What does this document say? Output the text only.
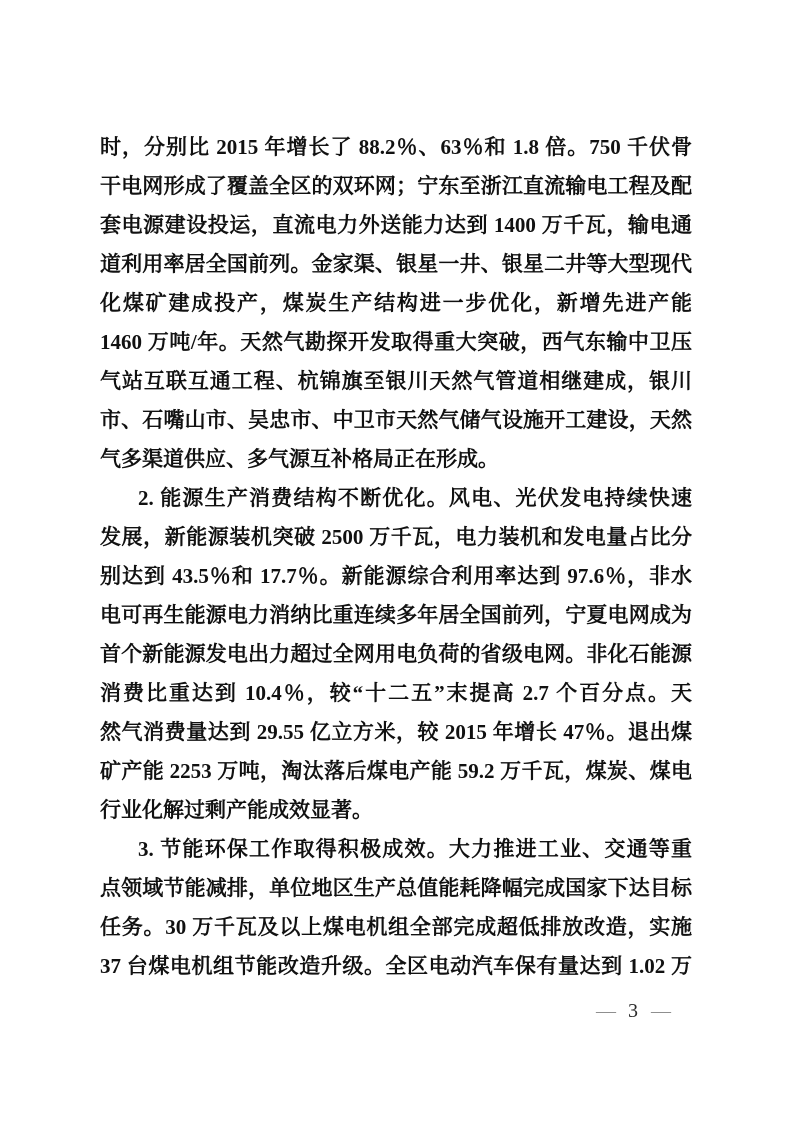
时，分别比 2015 年增长了 88.2％、63％和 1.8 倍。750 千伏骨

干电网形成了覆盖全区的双环网；宁东至浙江直流输电工程及配

套电源建设投运，直流电力外送能力达到 1400 万千瓦，输电通

道利用率居全国前列。金家渠、银星一井、银星二井等大型现代

化煤矿建成投产，煤炭生产结构进一步优化，新增先进产能

1460 万吨/年。天然气勘探开发取得重大突破，西气东输中卫压

气站互联互通工程、杭锦旗至银川天然气管道相继建成，银川

市、石嘴山市、吴忠市、中卫市天然气储气设施开工建设，天然

气多渠道供应、多气源互补格局正在形成。

2. 能源生产消费结构不断优化。风电、光伏发电持续快速

发展，新能源装机突破 2500 万千瓦，电力装机和发电量占比分

别达到 43.5％和 17.7％。新能源综合利用率达到 97.6％，非水

电可再生能源电力消纳比重连续多年居全国前列，宁夏电网成为

首个新能源发电出力超过全网用电负荷的省级电网。非化石能源

消费比重达到 10.4％，较“十二五”末提高 2.7 个百分点。天

然气消费量达到 29.55 亿立方米，较 2015 年增长 47％。退出煤

矿产能 2253 万吨，淘汰落后煤电产能 59.2 万千瓦，煤炭、煤电

行业化解过剩产能成效显著。

3. 节能环保工作取得积极成效。大力推进工业、交通等重

点领域节能减排，单位地区生产总值能耗降幅完成国家下达目标

任务。30 万千瓦及以上煤电机组全部完成超低排放改造，实施

37 台煤电机组节能改造升级。全区电动汽车保有量达到 1.02 万

— 3 —
